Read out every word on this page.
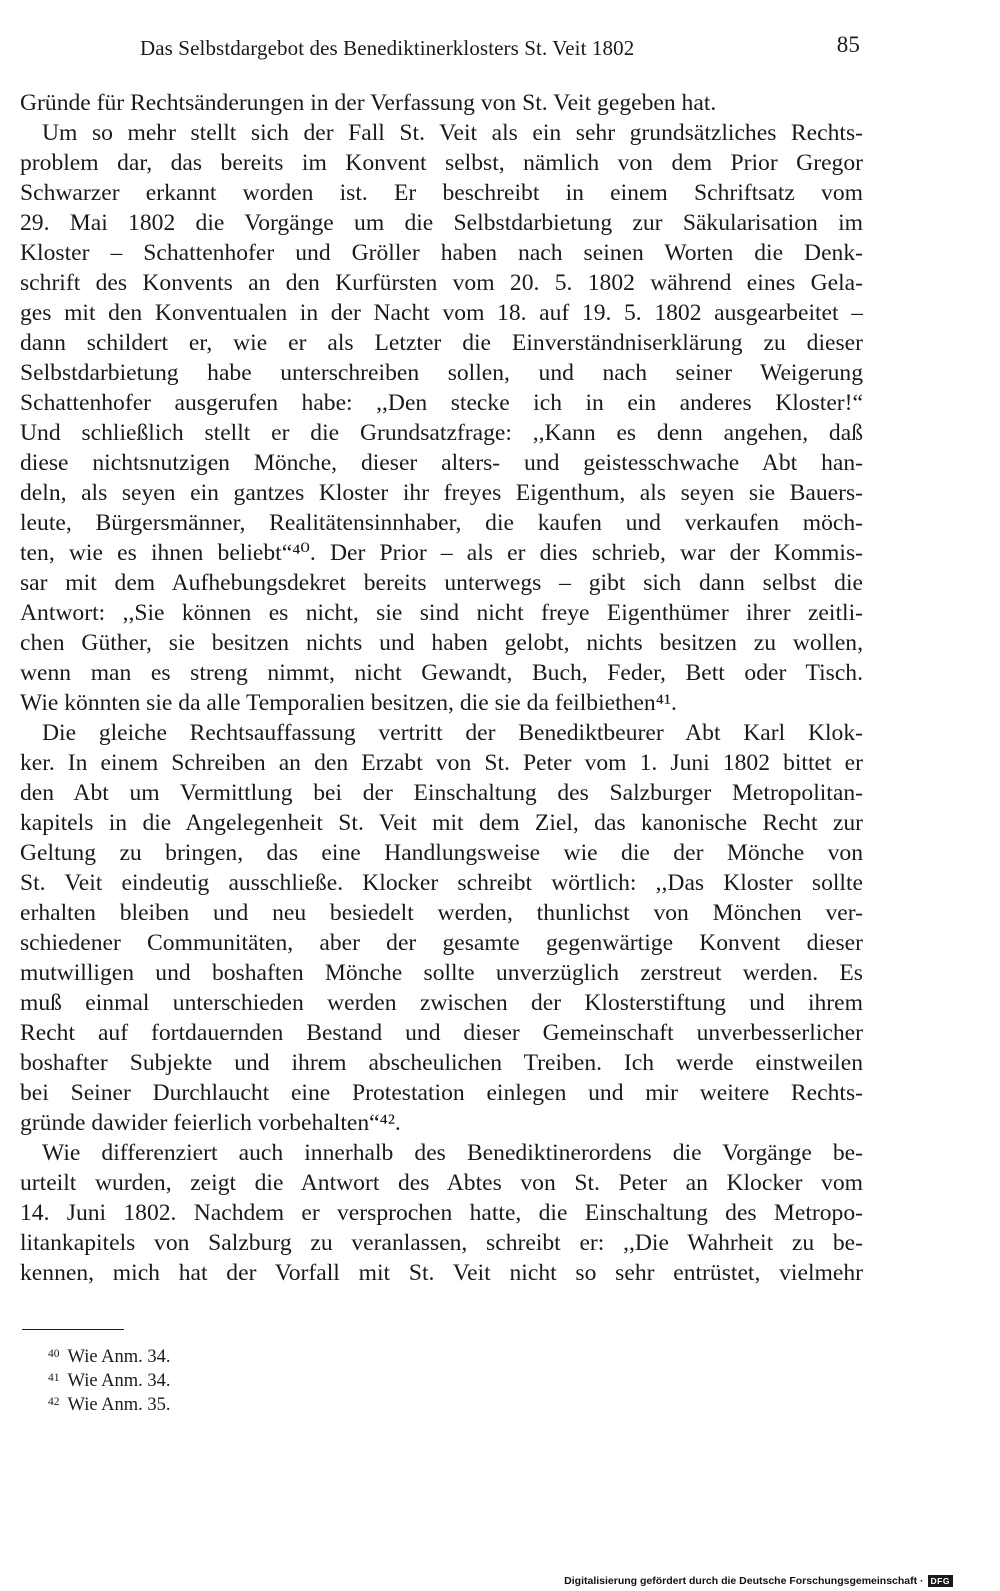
Das Selbstdargebot des Benediktinerklosters St. Veit 1802	85
Gründe für Rechtsänderungen in der Verfassung von St. Veit gegeben hat.
Um so mehr stellt sich der Fall St. Veit als ein sehr grundsätzliches Rechts-
problem dar, das bereits im Konvent selbst, nämlich von dem Prior Gregor
Schwarzer erkannt worden ist. Er beschreibt in einem Schriftsatz vom
29. Mai 1802 die Vorgänge um die Selbstdarbietung zur Säkularisation im
Kloster – Schattenhofer und Gröller haben nach seinen Worten die Denk-
schrift des Konvents an den Kurfürsten vom 20. 5. 1802 während eines Gela-
ges mit den Konventualen in der Nacht vom 18. auf 19. 5. 1802 ausgearbeitet –
dann schildert er, wie er als Letzter die Einverständniserklärung zu dieser
Selbstdarbietung habe unterschreiben sollen, und nach seiner Weigerung
Schattenhofer ausgerufen habe: ,,Den stecke ich in ein anderes Kloster!“
Und schließlich stellt er die Grundsatzfrage: ,,Kann es denn angehen, daß
diese nichtsnutzigen Mönche, dieser alters- und geistesschwache Abt han-
deln, als seyen ein gantzes Kloster ihr freyes Eigenthum, als seyen sie Bauers-
leute, Bürgersmänner, Realitätensinnhaber, die kaufen und verkaufen möch-
ten, wie es ihnen beliebt“⁴⁰. Der Prior – als er dies schrieb, war der Kommis-
sar mit dem Aufhebungsdekret bereits unterwegs – gibt sich dann selbst die
Antwort: ,,Sie können es nicht, sie sind nicht freye Eigenthümer ihrer zeitli-
chen Güther, sie besitzen nichts und haben gelobt, nichts besitzen zu wollen,
wenn man es streng nimmt, nicht Gewandt, Buch, Feder, Bett oder Tisch.
Wie könnten sie da alle Temporalien besitzen, die sie da feilbiethen⁴¹.
Die gleiche Rechtsauffassung vertritt der Benediktbeurer Abt Karl Klok-
ker. In einem Schreiben an den Erzabt von St. Peter vom 1. Juni 1802 bittet er
den Abt um Vermittlung bei der Einschaltung des Salzburger Metropolitan-
kapitels in die Angelegenheit St. Veit mit dem Ziel, das kanonische Recht zur
Geltung zu bringen, das eine Handlungsweise wie die der Mönche von
St. Veit eindeutig ausschließe. Klocker schreibt wörtlich: ,,Das Kloster sollte
erhalten bleiben und neu besiedelt werden, thunlichst von Mönchen ver-
schiedener Communitäten, aber der gesamte gegenwärtige Konvent dieser
mutwilligen und boshaften Mönche sollte unverzüglich zerstreut werden. Es
muß einmal unterschieden werden zwischen der Klosterstiftung und ihrem
Recht auf fortdauernden Bestand und dieser Gemeinschaft unverbesserlicher
boshafter Subjekte und ihrem abscheulichen Treiben. Ich werde einstweilen
bei Seiner Durchlaucht eine Protestation einlegen und mir weitere Rechts-
gründe dawider feierlich vorbehalten“⁴².
Wie differenziert auch innerhalb des Benediktinerordens die Vorgänge be-
urteilt wurden, zeigt die Antwort des Abtes von St. Peter an Klocker vom
14. Juni 1802. Nachdem er versprochen hatte, die Einschaltung des Metropo-
litankapitels von Salzburg zu veranlassen, schreibt er: ,,Die Wahrheit zu be-
kennen, mich hat der Vorfall mit St. Veit nicht so sehr entrüstet, vielmehr
$^{40}$ Wie Anm. 34.
$^{41}$ Wie Anm. 34.
$^{42}$ Wie Anm. 35.
Digitalisierung gefördert durch die Deutsche Forschungsgemeinschaft · DFG
